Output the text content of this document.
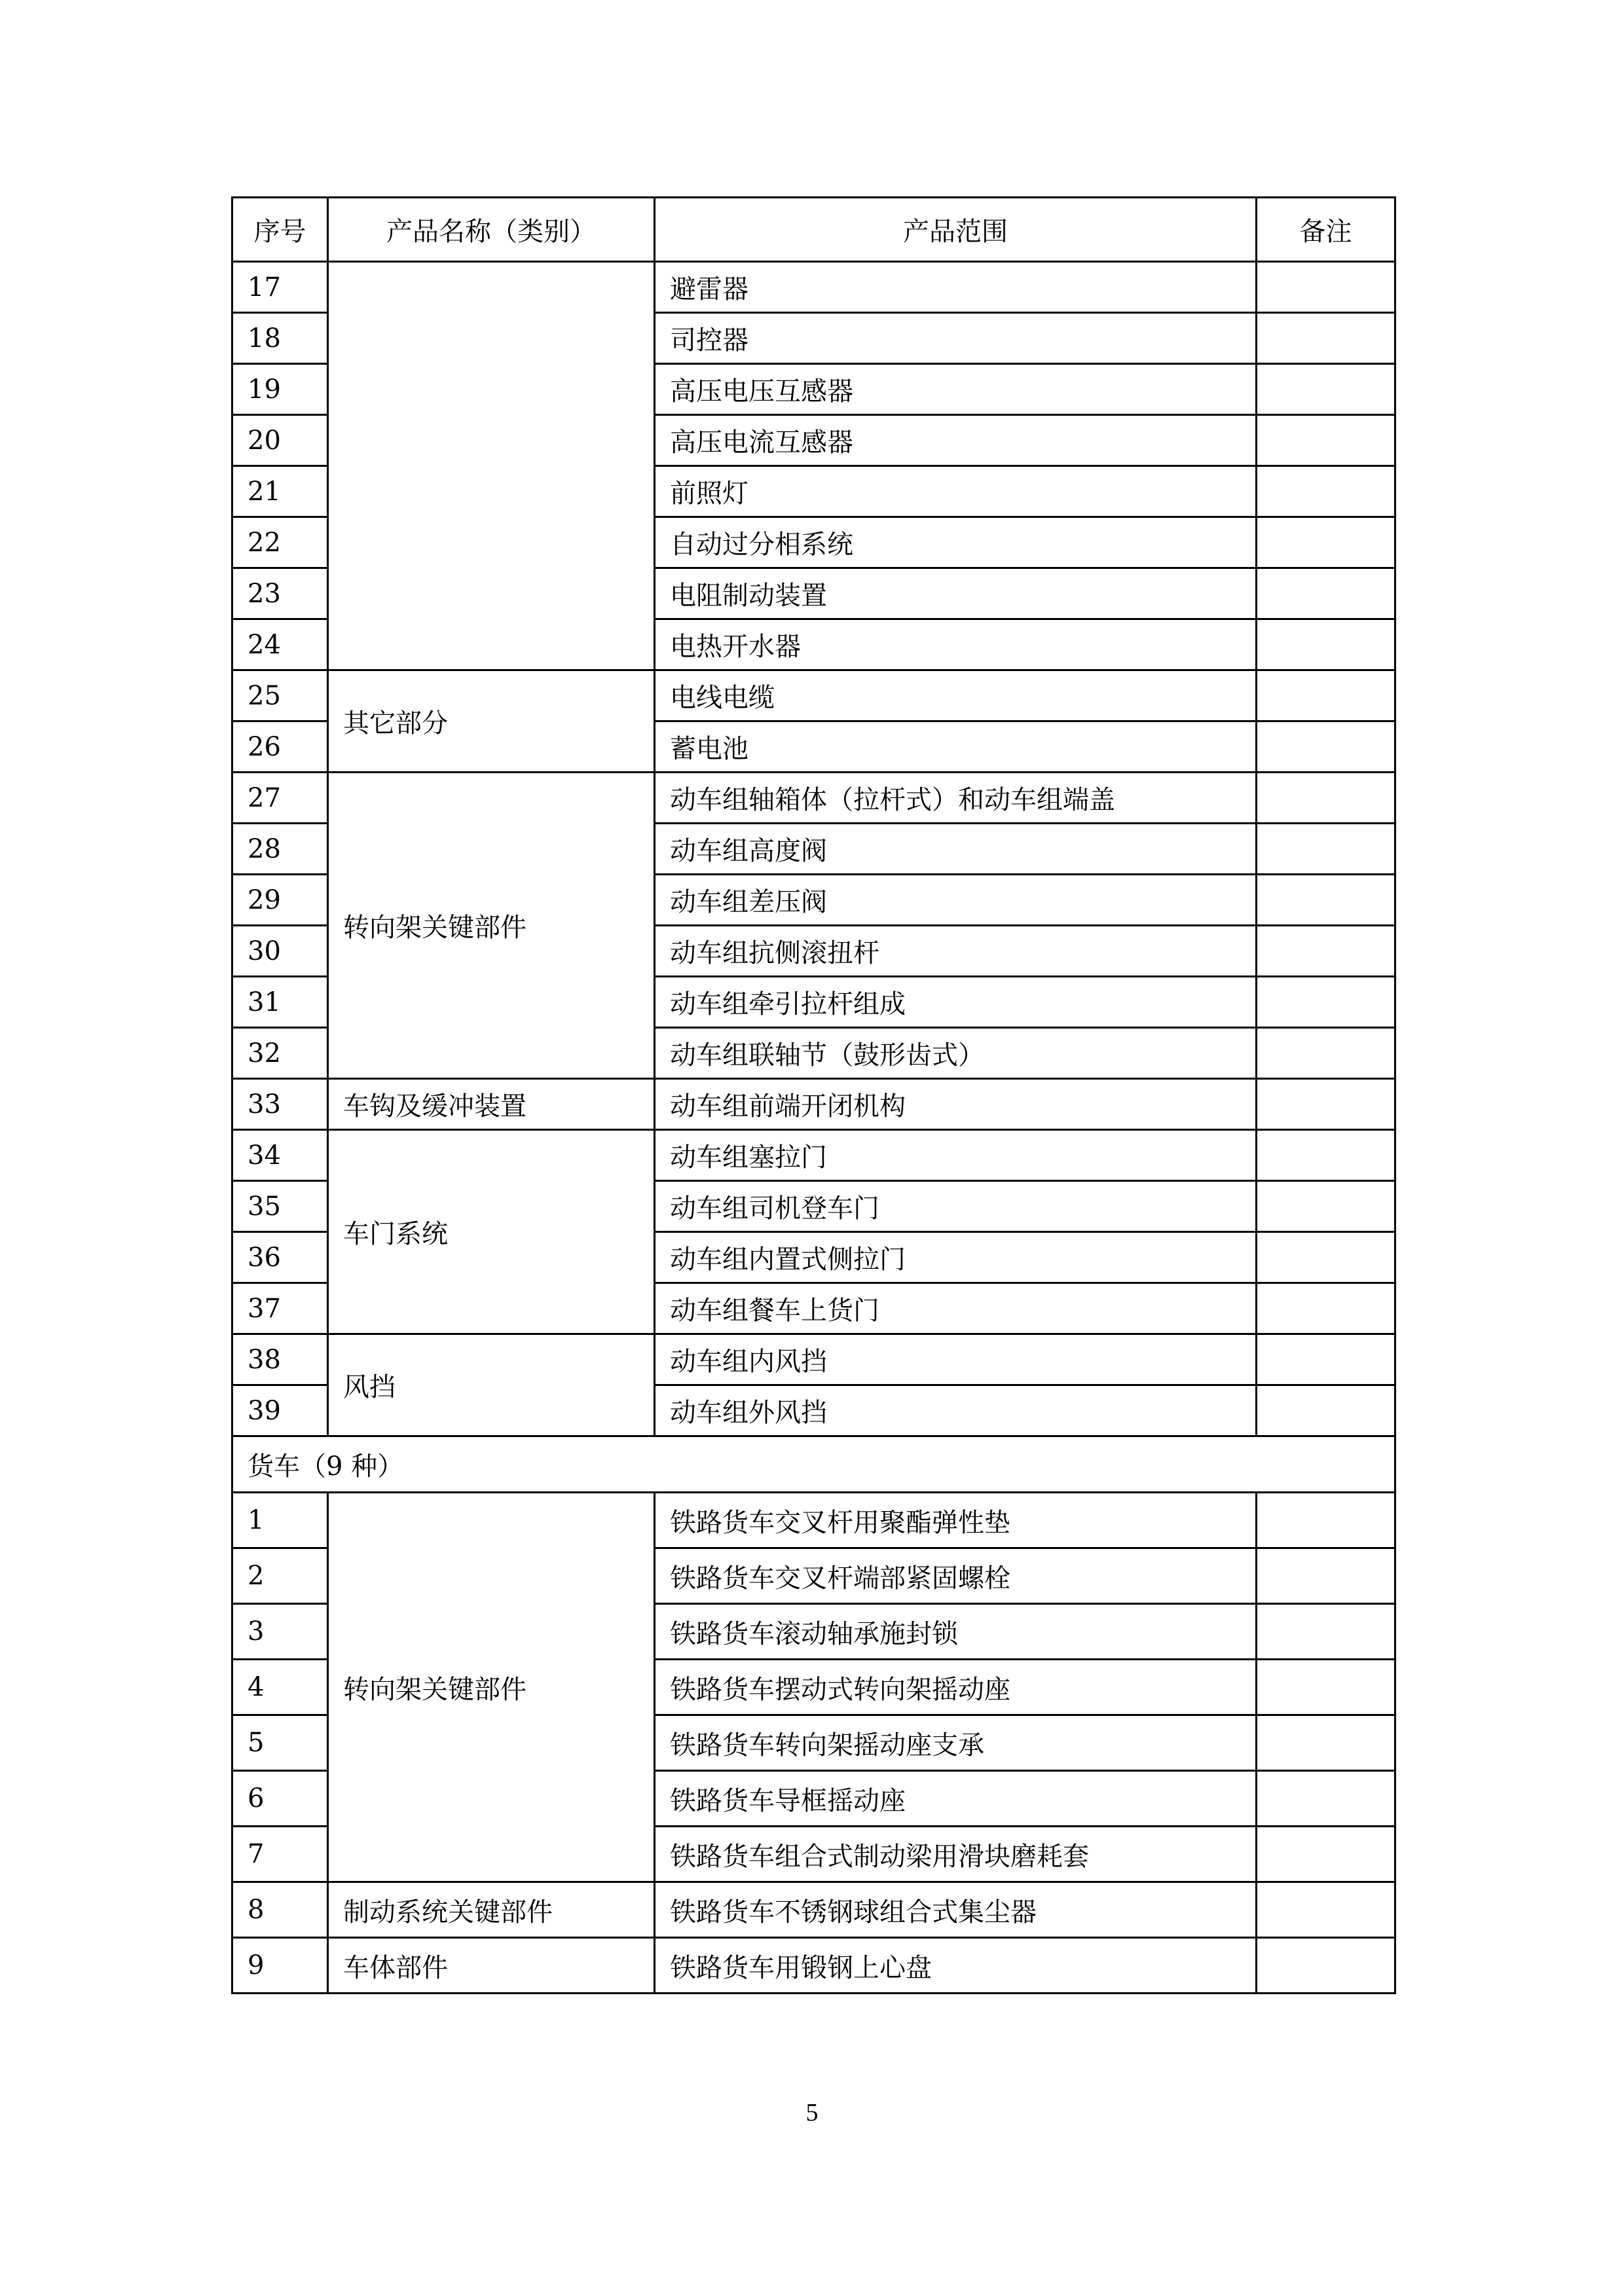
序号	产品名称（类别）	产品范围	备注
17		避雷器	
18		司控器	
19		高压电压互感器	
20		高压电流互感器	
21		前照灯	
22		自动过分相系统	
23		电阻制动装置	
24		电热开水器	
25	其它部分	电线电缆	
26		蓄电池	
27	转向架关键部件	动车组轴箱体（拉杆式）和动车组端盖	
28		动车组高度阀	
29		动车组差压阀	
30		动车组抗侧滚扭杆	
31		动车组牵引拉杆组成	
32		动车组联轴节（鼓形齿式）	
33	车钩及缓冲装置	动车组前端开闭机构	
34	车门系统	动车组塞拉门	
35		动车组司机登车门	
36		动车组内置式侧拉门	
37		动车组餐车上货门	
38	风挡	动车组内风挡	
39		动车组外风挡	
货车（9 种）			
1	转向架关键部件	铁路货车交叉杆用聚酯弹性垫	
2		铁路货车交叉杆端部紧固螺栓	
3		铁路货车滚动轴承施封锁	
4		铁路货车摆动式转向架摇动座	
5		铁路货车转向架摇动座支承	
6		铁路货车导框摇动座	
7		铁路货车组合式制动梁用滑块磨耗套	
8	制动系统关键部件	铁路货车不锈钢球组合式集尘器	
9	车体部件	铁路货车用锻钢上心盘	
5
